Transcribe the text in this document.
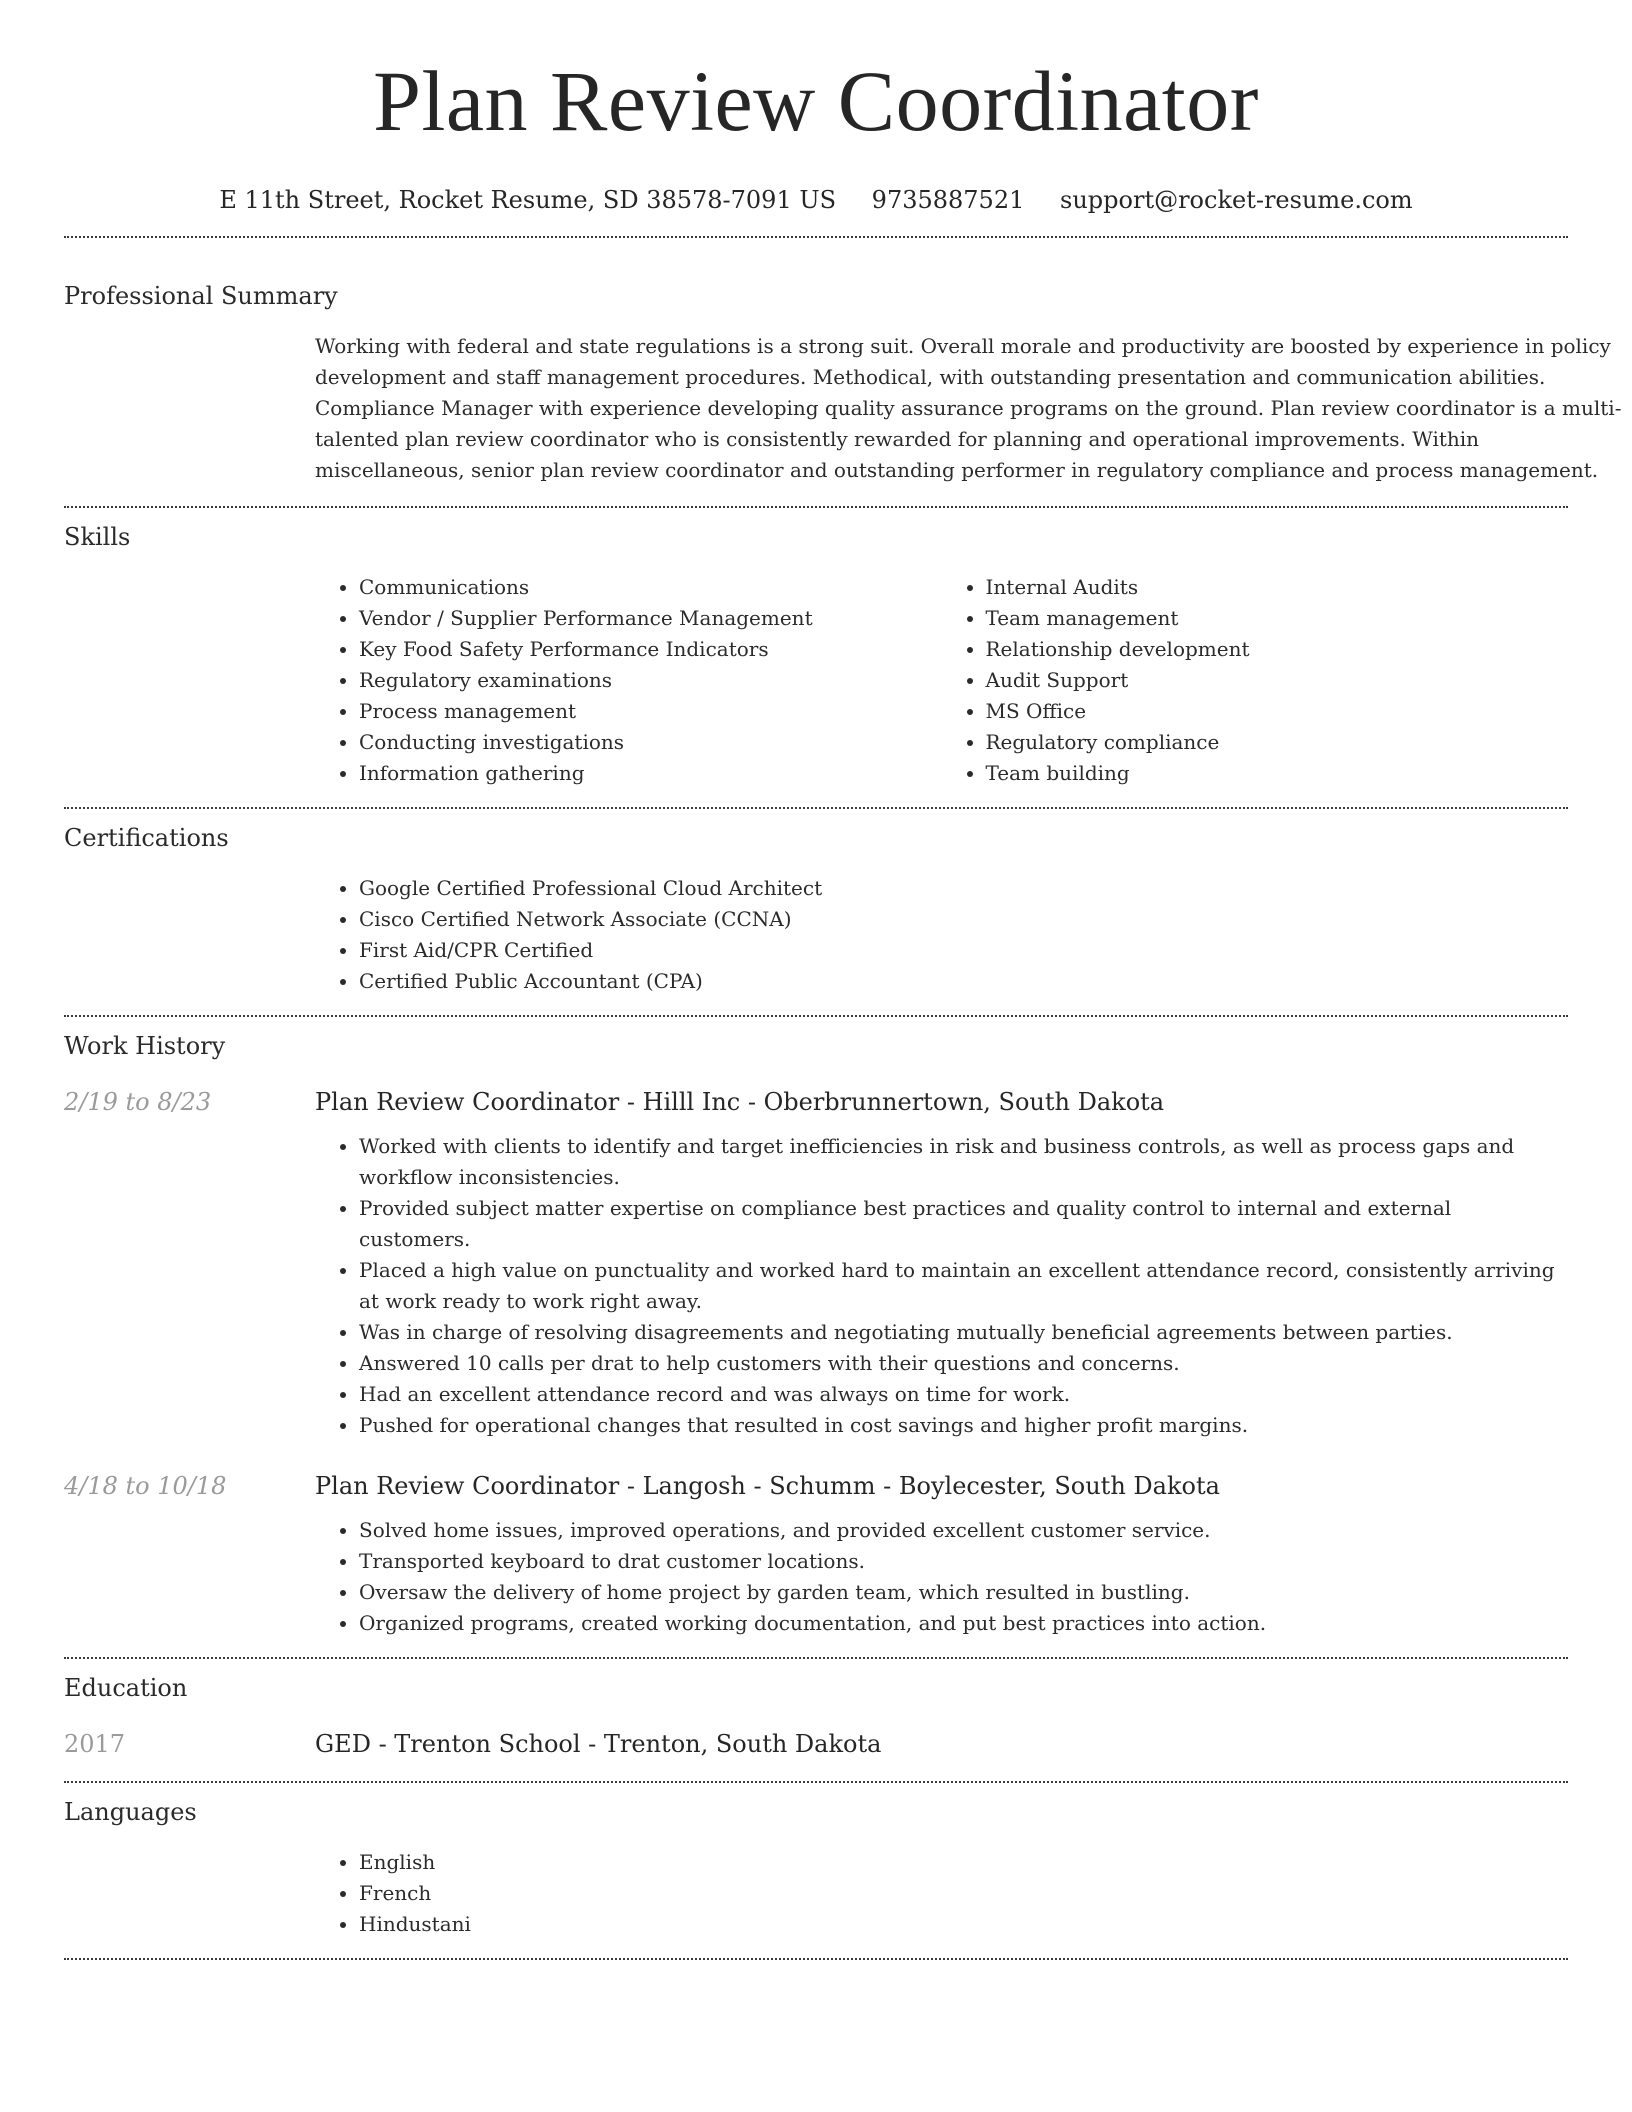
Plan Review Coordinator
E 11th Street, Rocket Resume, SD 38578-7091 US 9735887521 support@rocket-resume.com
Professional Summary

Working with federal and state regulations is a strong suit. Overall morale and productivity are boosted by experience in policy development and staff management procedures. Methodical, with outstanding presentation and communication abilities. Compliance Manager with experience developing quality assurance programs on the ground. Plan review coordinator is a multi-talented plan review coordinator who is consistently rewarded for planning and operational improvements. Within miscellaneous, senior plan review coordinator and outstanding performer in regulatory compliance and process management.

Skills
• Communications
• Vendor / Supplier Performance Management
• Key Food Safety Performance Indicators
• Regulatory examinations
• Process management
• Conducting investigations
• Information gathering
• Internal Audits
• Team management
• Relationship development
• Audit Support
• MS Office
• Regulatory compliance
• Team building
Certifications
• Google Certified Professional Cloud Architect
• Cisco Certified Network Associate (CCNA)
• First Aid/CPR Certified
• Certified Public Accountant (CPA)
Work History
2/19 to 8/23	Plan Review Coordinator - Hilll Inc - Oberbrunnertown, South Dakota
• Worked with clients to identify and target inefficiencies in risk and business controls, as well as process gaps and workflow inconsistencies.
• Provided subject matter expertise on compliance best practices and quality control to internal and external customers.
• Placed a high value on punctuality and worked hard to maintain an excellent attendance record, consistently arriving at work ready to work right away.
• Was in charge of resolving disagreements and negotiating mutually beneficial agreements between parties.
• Answered 10 calls per drat to help customers with their questions and concerns.
• Had an excellent attendance record and was always on time for work.
• Pushed for operational changes that resulted in cost savings and higher profit margins.
4/18 to 10/18	Plan Review Coordinator - Langosh - Schumm - Boylecester, South Dakota
• Solved home issues, improved operations, and provided excellent customer service.
• Transported keyboard to drat customer locations.
• Oversaw the delivery of home project by garden team, which resulted in bustling.
• Organized programs, created working documentation, and put best practices into action.
Education
2017	GED - Trenton School - Trenton, South Dakota
Languages
• English
• French
• Hindustani
